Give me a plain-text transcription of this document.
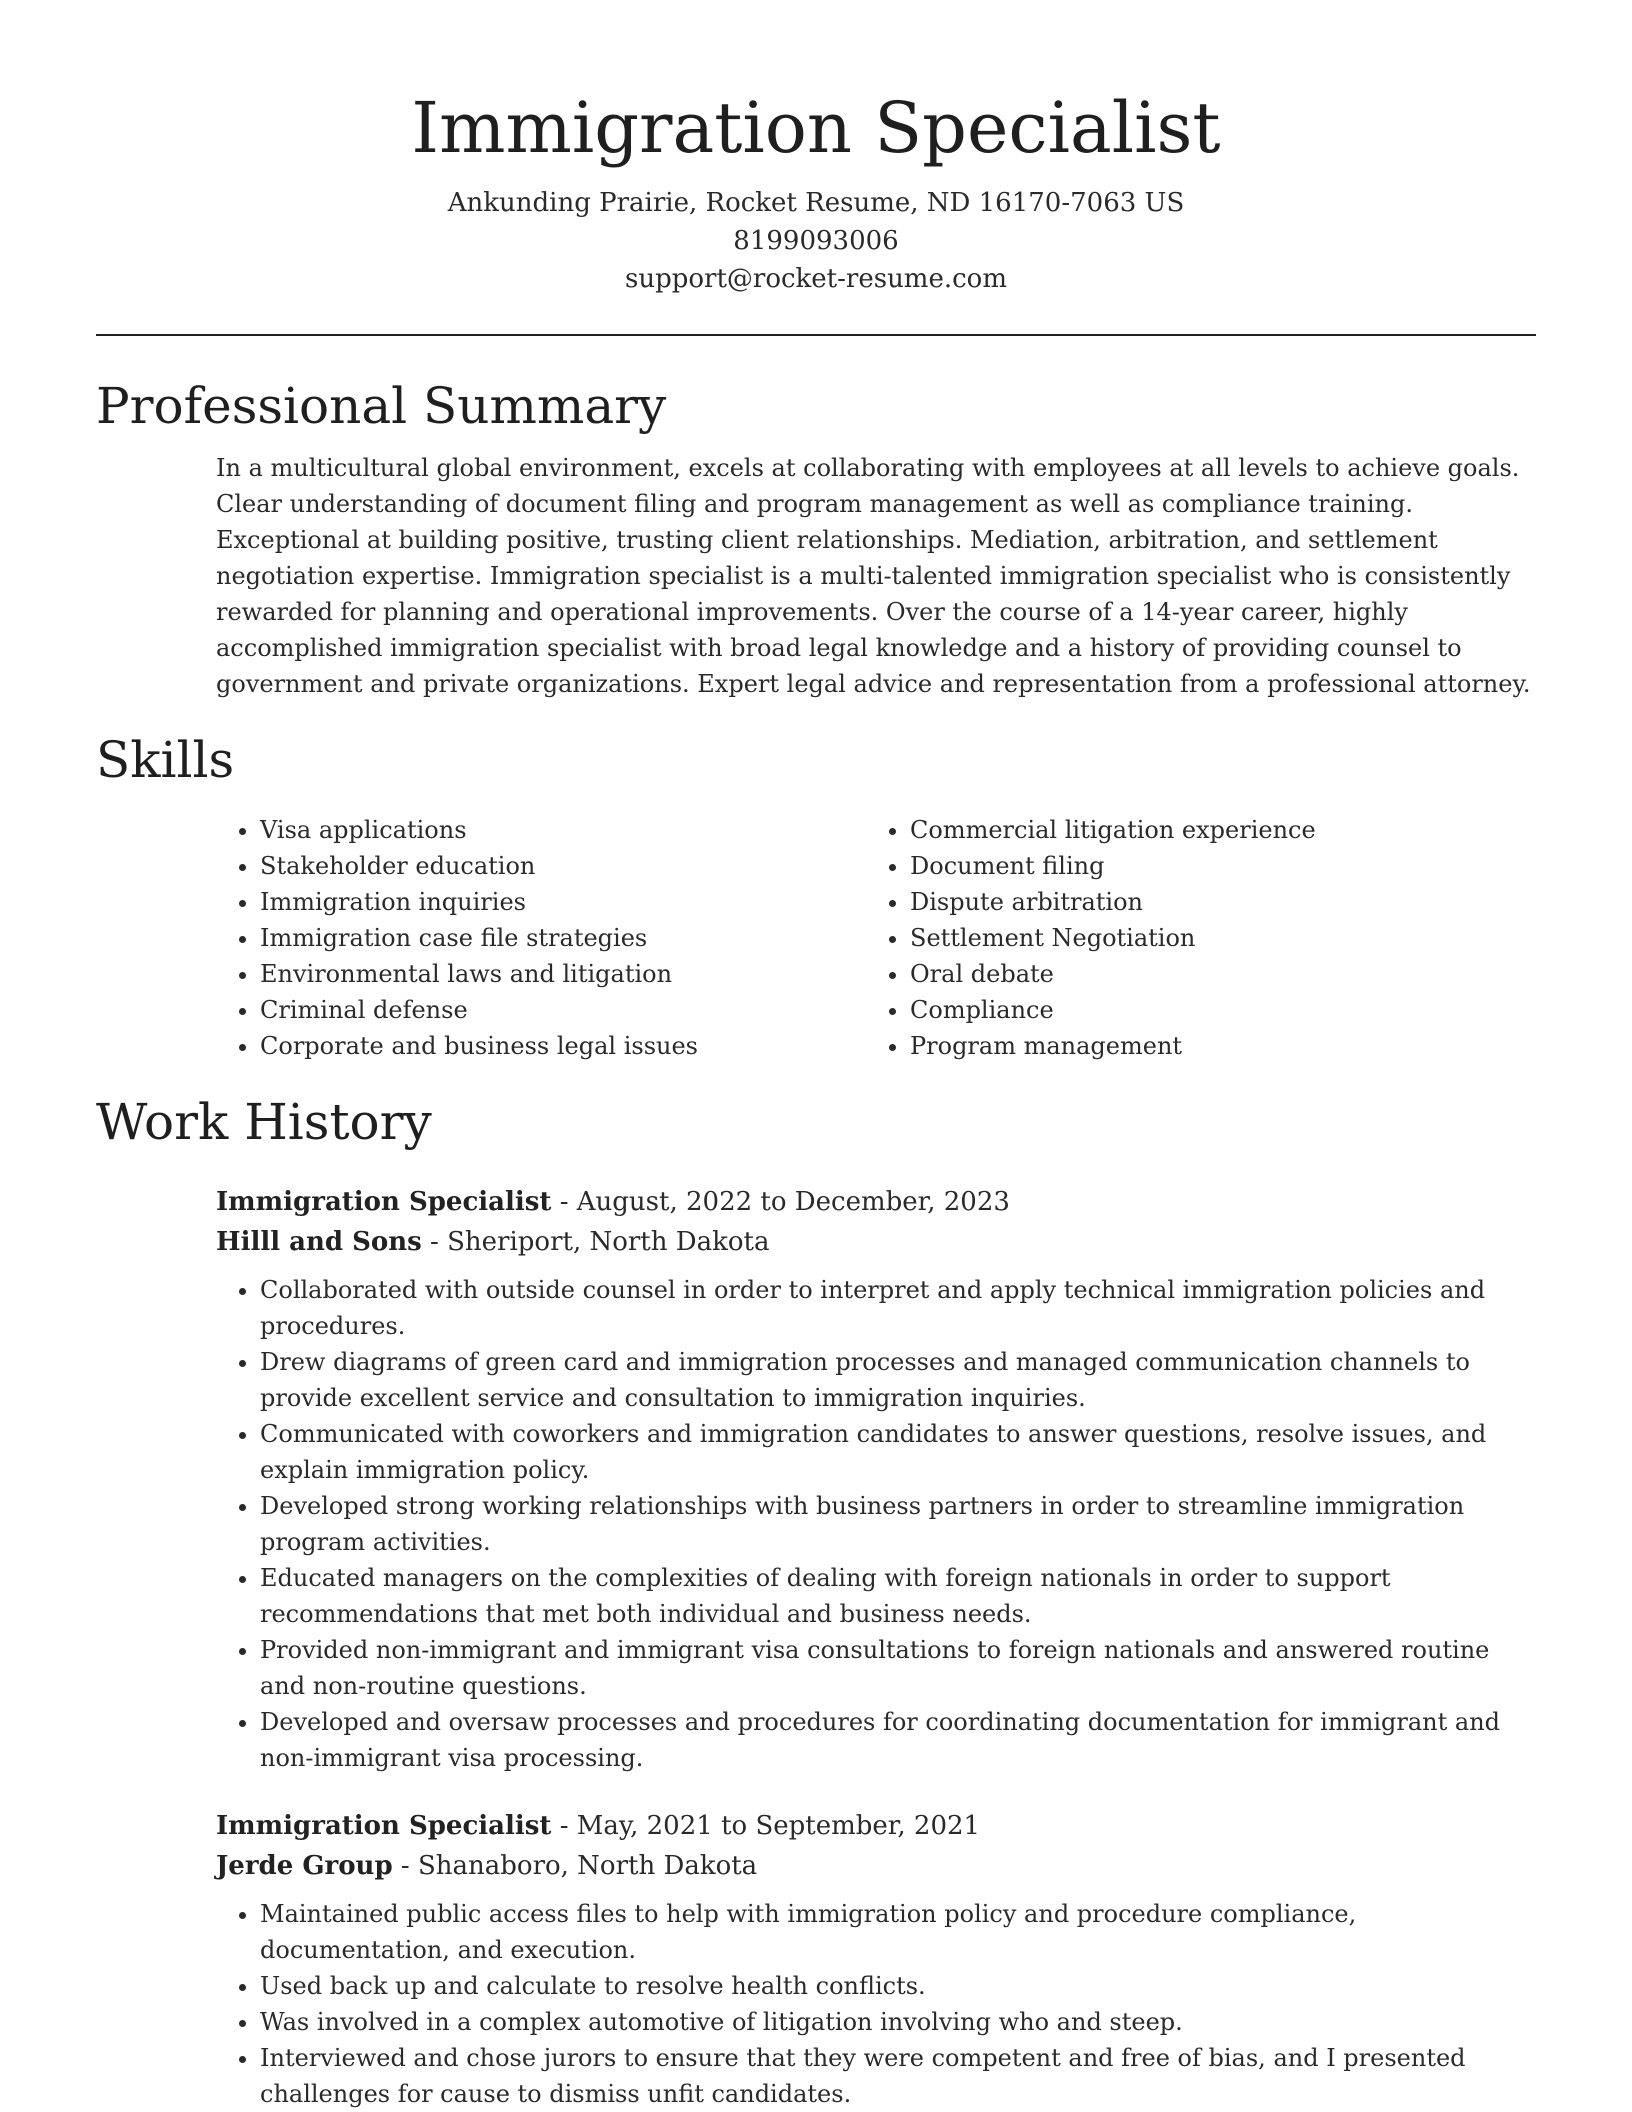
Immigration Specialist
Ankunding Prairie, Rocket Resume, ND 16170-7063 US
8199093006
support@rocket-resume.com
Professional Summary

In a multicultural global environment, excels at collaborating with employees at all levels to achieve goals. Clear understanding of document filing and program management as well as compliance training. Exceptional at building positive, trusting client relationships. Mediation, arbitration, and settlement negotiation expertise. Immigration specialist is a multi-talented immigration specialist who is consistently rewarded for planning and operational improvements. Over the course of a 14-year career, highly accomplished immigration specialist with broad legal knowledge and a history of providing counsel to government and private organizations. Expert legal advice and representation from a professional attorney.

Skills
• Visa applications
• Stakeholder education
• Immigration inquiries
• Immigration case file strategies
• Environmental laws and litigation
• Criminal defense
• Corporate and business legal issues
• Commercial litigation experience
• Document filing
• Dispute arbitration
• Settlement Negotiation
• Oral debate
• Compliance
• Program management
Work History
Immigration Specialist - August, 2022 to December, 2023
Hilll and Sons - Sheriport, North Dakota
• Collaborated with outside counsel in order to interpret and apply technical immigration policies and procedures.
• Drew diagrams of green card and immigration processes and managed communication channels to provide excellent service and consultation to immigration inquiries.
• Communicated with coworkers and immigration candidates to answer questions, resolve issues, and explain immigration policy.
• Developed strong working relationships with business partners in order to streamline immigration program activities.
• Educated managers on the complexities of dealing with foreign nationals in order to support recommendations that met both individual and business needs.
• Provided non-immigrant and immigrant visa consultations to foreign nationals and answered routine and non-routine questions.
• Developed and oversaw processes and procedures for coordinating documentation for immigrant and non-immigrant visa processing.
Immigration Specialist - May, 2021 to September, 2021
Jerde Group - Shanaboro, North Dakota
• Maintained public access files to help with immigration policy and procedure compliance, documentation, and execution.
• Used back up and calculate to resolve health conflicts.
• Was involved in a complex automotive of litigation involving who and steep.
• Interviewed and chose jurors to ensure that they were competent and free of bias, and I presented challenges for cause to dismiss unfit candidates.
